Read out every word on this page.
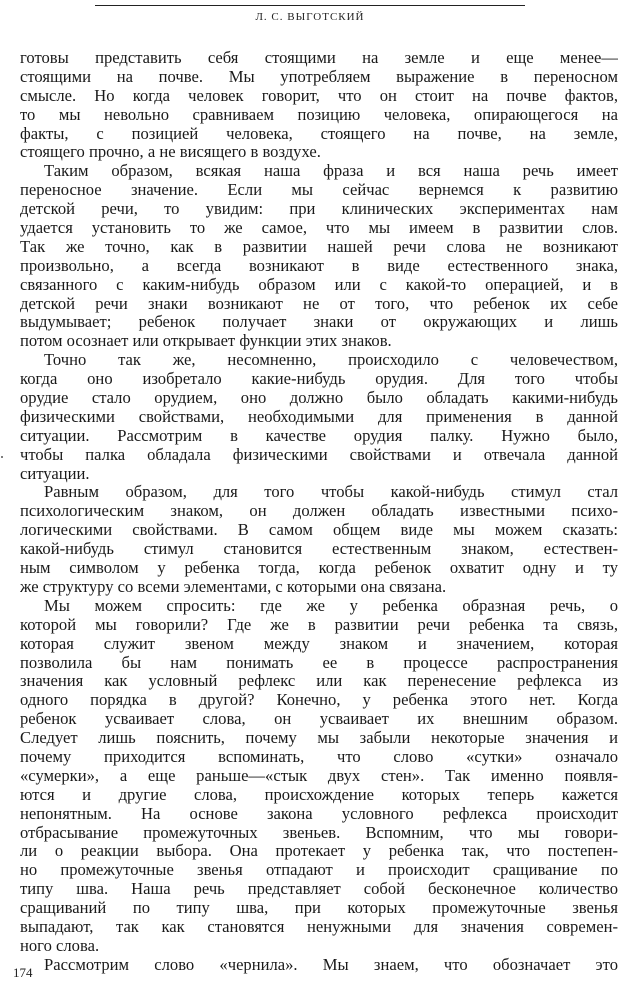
Л. С. ВЫГОТСКИЙ
готовы представить себя стоящими на земле и еще менее—
стоящими на почве. Мы употребляем выражение в переносном
смысле. Но когда человек говорит, что он стоит на почве фактов,
то мы невольно сравниваем позицию человека, опирающегося на
факты, с позицией человека, стоящего на почве, на земле,
стоящего прочно, а не висящего в воздухе.
Таким образом, всякая наша фраза и вся наша речь имеет
переносное значение. Если мы сейчас вернемся к развитию
детской речи, то увидим: при клинических экспериментах нам
удается установить то же самое, что мы имеем в развитии слов.
Так же точно, как в развитии нашей речи слова не возникают
произвольно, а всегда возникают в виде естественного знака,
связанного с каким-нибудь образом или с какой-то операцией, и в
детской речи знаки возникают не от того, что ребенок их себе
выдумывает; ребенок получает знаки от окружающих и лишь
потом осознает или открывает функции этих знаков.
Точно так же, несомненно, происходило с человечеством,
когда оно изобретало какие-нибудь орудия. Для того чтобы
орудие стало орудием, оно должно было обладать какими-нибудь
физическими свойствами, необходимыми для применения в данной
ситуации. Рассмотрим в качестве орудия палку. Нужно было,
чтобы палка обладала физическими свойствами и отвечала данной
ситуации.
Равным образом, для того чтобы какой-нибудь стимул стал
психологическим знаком, он должен обладать известными психо-
логическими свойствами. В самом общем виде мы можем сказать:
какой-нибудь стимул становится естественным знаком, естествен-
ным символом у ребенка тогда, когда ребенок охватит одну и ту
же структуру со всеми элементами, с которыми она связана.
Мы можем спросить: где же у ребенка образная речь, о
которой мы говорили? Где же в развитии речи ребенка та связь,
которая служит звеном между знаком и значением, которая
позволила бы нам понимать ее в процессе распространения
значения как условный рефлекс или как перенесение рефлекса из
одного порядка в другой? Конечно, у ребенка этого нет. Когда
ребенок усваивает слова, он усваивает их внешним образом.
Следует лишь пояснить, почему мы забыли некоторые значения и
почему приходится вспоминать, что слово «сутки» означало
«сумерки», а еще раньше—«стык двух стен». Так именно появля-
ются и другие слова, происхождение которых теперь кажется
непонятным. На основе закона условного рефлекса происходит
отбрасывание промежуточных звеньев. Вспомним, что мы говори-
ли о реакции выбора. Она протекает у ребенка так, что постепен-
но промежуточные звенья отпадают и происходит сращивание по
типу шва. Наша речь представляет собой бесконечное количество
сращиваний по типу шва, при которых промежуточные звенья
выпадают, так как становятся ненужными для значения современ-
ного слова.
Рассмотрим слово «чернила». Мы знаем, что обозначает это
174
